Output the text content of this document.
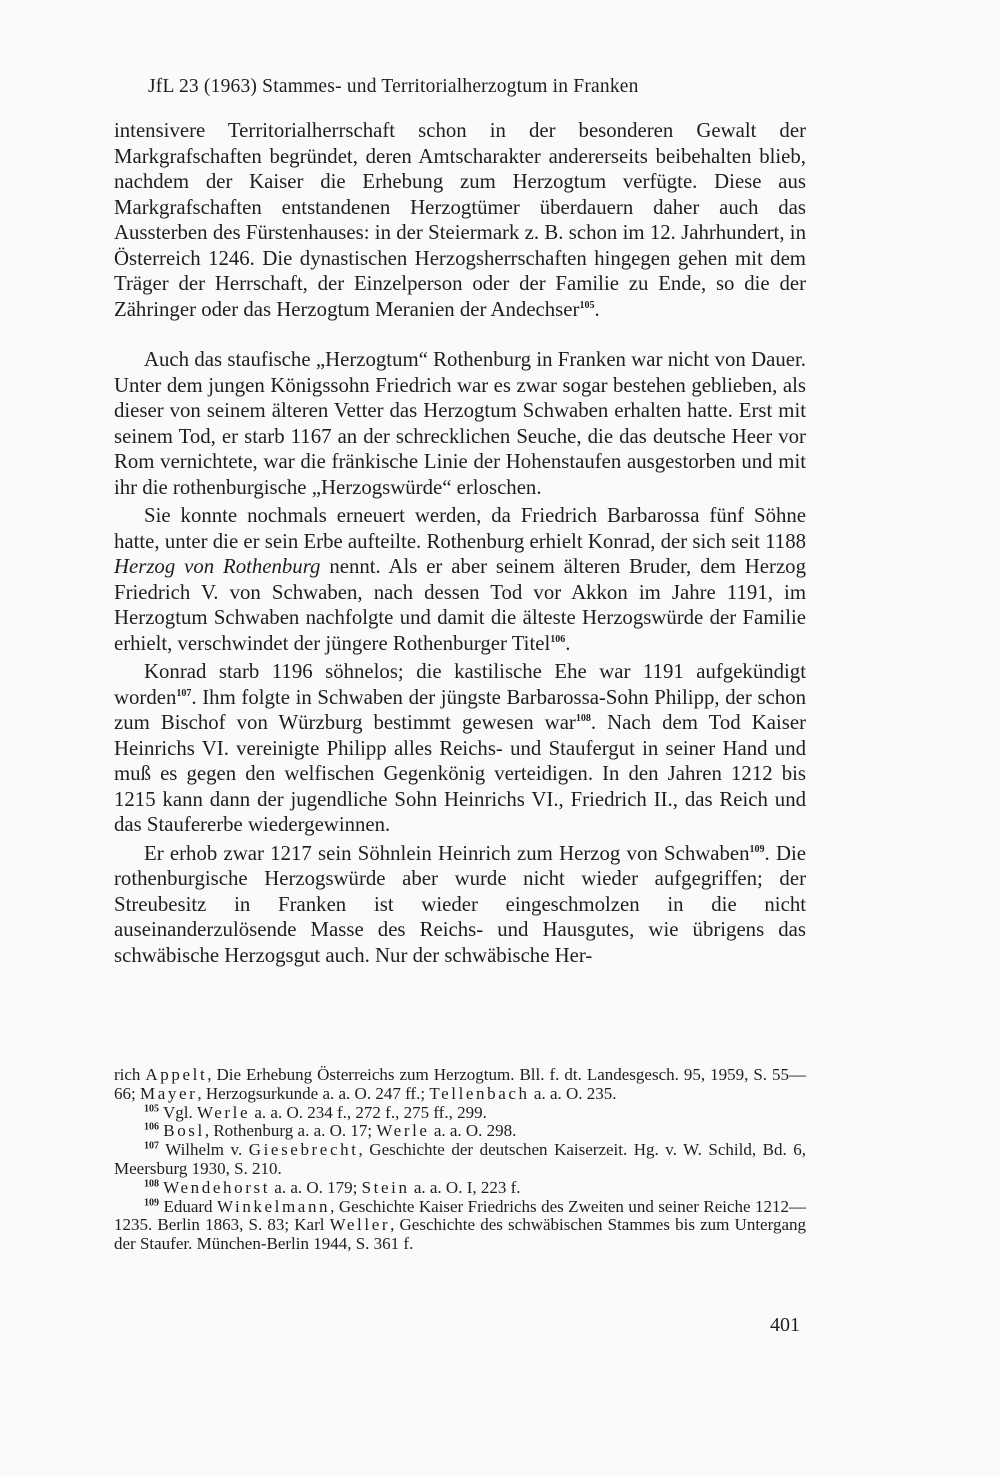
JfL 23 (1963) Stammes- und Territorialherzogtum in Franken

intensivere Territorialherrschaft schon in der besonderen Gewalt der Markgrafschaften begründet, deren Amtscharakter andererseits beibehalten blieb, nachdem der Kaiser die Erhebung zum Herzogtum verfügte. Diese aus Markgrafschaften entstandenen Herzogtümer überdauern daher auch das Aussterben des Fürstenhauses: in der Steiermark z. B. schon im 12. Jahrhundert, in Österreich 1246. Die dynastischen Herzogsherrschaften hingegen gehen mit dem Träger der Herrschaft, der Einzelperson oder der Familie zu Ende, so die der Zähringer oder das Herzogtum Meranien der Andechser$^{105}$.

Auch das staufische „Herzogtum“ Rothenburg in Franken war nicht von Dauer. Unter dem jungen Königssohn Friedrich war es zwar sogar bestehen geblieben, als dieser von seinem älteren Vetter das Herzogtum Schwaben erhalten hatte. Erst mit seinem Tod, er starb 1167 an der schrecklichen Seuche, die das deutsche Heer vor Rom vernichtete, war die fränkische Linie der Hohenstaufen ausgestorben und mit ihr die rothenburgische „Herzogswürde“ erloschen.

Sie konnte nochmals erneuert werden, da Friedrich Barbarossa fünf Söhne hatte, unter die er sein Erbe aufteilte. Rothenburg erhielt Konrad, der sich seit 1188 Herzog von Rothenburg nennt. Als er aber seinem älteren Bruder, dem Herzog Friedrich V. von Schwaben, nach dessen Tod vor Akkon im Jahre 1191, im Herzogtum Schwaben nachfolgte und damit die älteste Herzogswürde der Familie erhielt, verschwindet der jüngere Rothenburger Titel$^{106}$.

Konrad starb 1196 söhnelos; die kastilische Ehe war 1191 aufgekündigt worden$^{107}$. Ihm folgte in Schwaben der jüngste Barbarossa-Sohn Philipp, der schon zum Bischof von Würzburg bestimmt gewesen war$^{108}$. Nach dem Tod Kaiser Heinrichs VI. vereinigte Philipp alles Reichs- und Staufergut in seiner Hand und muß es gegen den welfischen Gegenkönig verteidigen. In den Jahren 1212 bis 1215 kann dann der jugendliche Sohn Heinrichs VI., Friedrich II., das Reich und das Staufererbe wiedergewinnen.

Er erhob zwar 1217 sein Söhnlein Heinrich zum Herzog von Schwaben$^{109}$. Die rothenburgische Herzogswürde aber wurde nicht wieder aufgegriffen; der Streubesitz in Franken ist wieder eingeschmolzen in die nicht auseinanderzulösende Masse des Reichs- und Hausgutes, wie übrigens das schwäbische Herzogsgut auch. Nur der schwäbische Her-

rich Appelt, Die Erhebung Österreichs zum Herzogtum. Bll. f. dt. Landesgesch. 95, 1959, S. 55—66; Mayer, Herzogsurkunde a. a. O. 247 ff.; Tellenbach a. a. O. 235.

$^{105}$ Vgl. Werle a. a. O. 234 f., 272 f., 275 ff., 299.

$^{106}$ Bosl, Rothenburg a. a. O. 17; Werle a. a. O. 298.

$^{107}$ Wilhelm v. Giesebrecht, Geschichte der deutschen Kaiserzeit. Hg. v. W. Schild, Bd. 6, Meersburg 1930, S. 210.

$^{108}$ Wendehorst a. a. O. 179; Stein a. a. O. I, 223 f.

$^{109}$ Eduard Winkelmann, Geschichte Kaiser Friedrichs des Zweiten und seiner Reiche 1212—1235. Berlin 1863, S. 83; Karl Weller, Geschichte des schwäbischen Stammes bis zum Untergang der Staufer. München-Berlin 1944, S. 361 f.

401
